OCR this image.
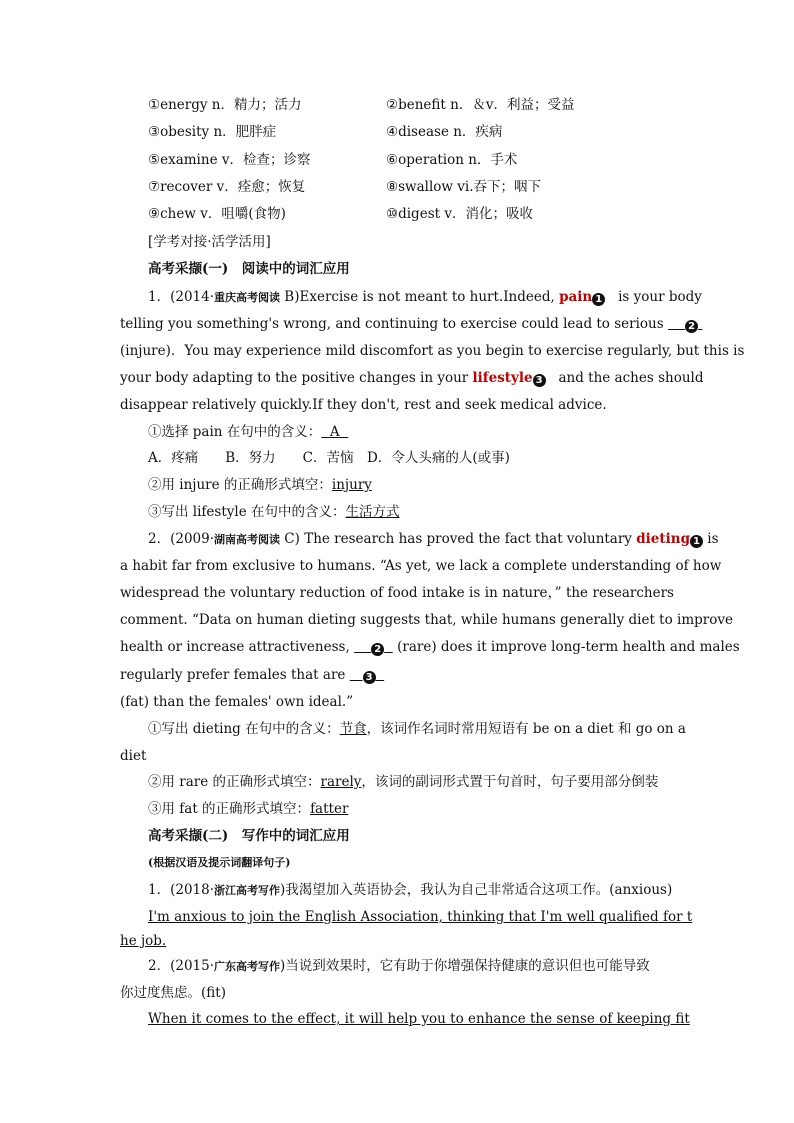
①energy n．精力；活力	②benefit n．＆v．利益；受益
③obesity n．肥胖症	④disease n．疾病
⑤examine v．检查；诊察	⑥operation n．手术
⑦recover v．痊愈；恢复	⑧swallow vi.吞下；咽下
⑨chew v．咀嚼(食物)	⑩digest v．消化；吸收
[学考对接·活学活用]
高考采撷(一)　阅读中的词汇应用
1．(2014·重庆高考阅读 B)Exercise is not meant to hurt.Indeed, pain 1   is your body
telling you something's wrong, and continuing to exercise could lead to serious 2
(injure)．You may experience mild discomfort as you begin to exercise regularly, but this is
your body adapting to the positive changes in your lifestyle 3 and the aches should
disappear relatively quickly.If they don't, rest and seek medical advice.
①选择 pain 在句中的含义： A
A．疼痛　　B．努力　　C．苦恼　D．令人头痛的人(或事)
②用 injure 的正确形式填空：injury
③写出 lifestyle 在句中的含义：生活方式
2．(2009·湖南高考阅读 C) The research has proved the fact that voluntary dieting 1 is
a habit far from exclusive to humans. “As yet, we lack a complete understanding of how
widespread the voluntary reduction of food intake is in nature，” the researchers
comment. “Data on human dieting suggests that, while humans generally diet to improve
health or increase attractiveness, 2 (rare) does it improve long-term health and males
regularly prefer females that are 3
(fat) than the females' own ideal.”
①写出 dieting 在句中的含义：节食，该词作名词时常用短语有 be on a diet 和 go on a
diet
②用 rare 的正确形式填空：rarely，该词的副词形式置于句首时，句子要用部分倒装
③用 fat 的正确形式填空：fatter
高考采撷(二)　写作中的词汇应用
(根据汉语及提示词翻译句子)
1．(2018·浙江高考写作)我渴望加入英语协会，我认为自己非常适合这项工作。(anxious)
I'm anxious to join the English Association, thinking that I'm well qualified for t
he job.
2．(2015·广东高考写作)当说到效果时，它有助于你增强保持健康的意识但也可能导致
你过度焦虑。(fit)
When it comes to the effect, it will help you to enhance the sense of keeping fit
